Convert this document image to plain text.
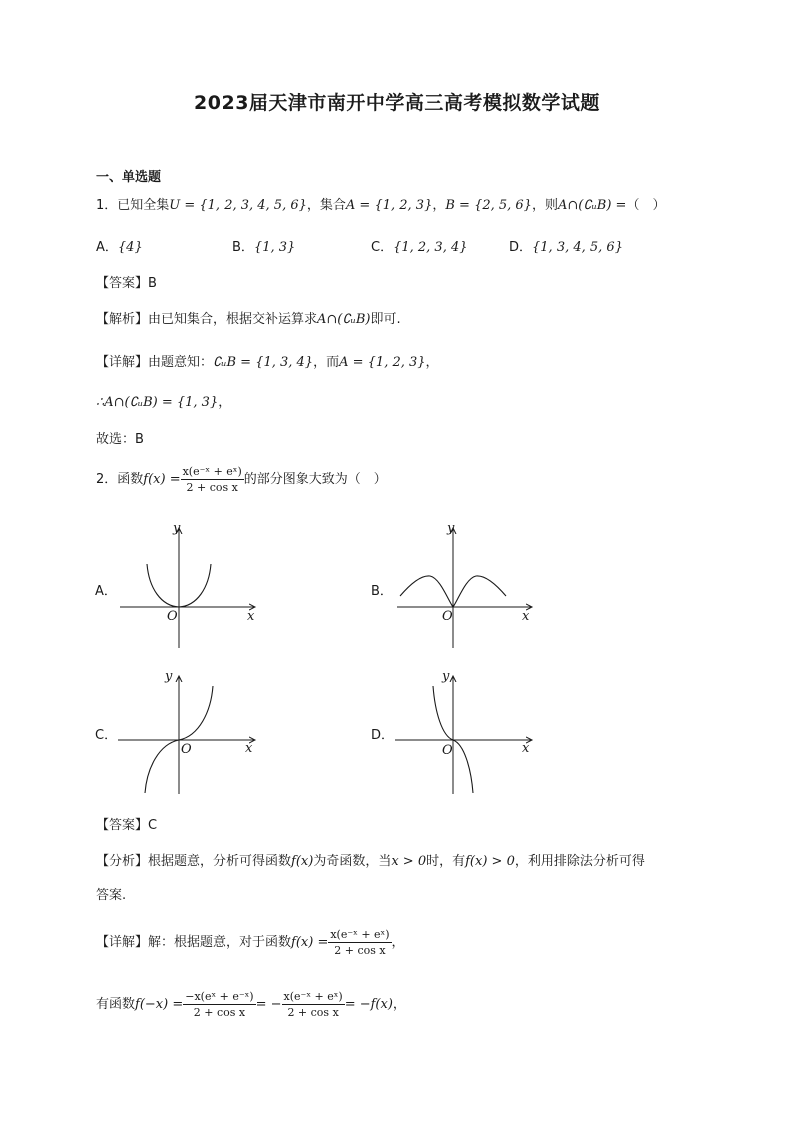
2023届天津市南开中学高三高考模拟数学试题
一、单选题
1．已知全集U = {1, 2, 3, 4, 5, 6}，集合A = {1, 2, 3}，B = {2, 5, 6}，则A∩(∁ᵤB) =（　）
A．{4}	B．{1, 3}	C．{1, 2, 3, 4}	D．{1, 3, 4, 5, 6}
【答案】B
【解析】由已知集合，根据交补运算求A∩(∁ᵤB)即可.
【详解】由题意知：∁ᵤB = {1, 3, 4}，而A = {1, 2, 3}，
∴A∩(∁ᵤB) = {1, 3}，
故选：B
2．函数$f(x) = \frac{\text{x(e⁻ˣ + eˣ)}}{\text{2 + cos x}}$ 的部分图象大致为（　）
A．
y
x
O
B．
y
x
O
C．
y
x
O
D．
y
x
O
【答案】C
【分析】根据题意，分析可得函数f(x)为奇函数，当x > 0时，有f(x) > 0，利用排除法分析可得
答案.
【详解】解：根据题意，对于函数$f(x) = \frac{\text{x(e⁻ˣ + eˣ)}}{\text{2 + cos x}}$ ，
有函数$f(-x) = \frac{\text{−x(eˣ + e⁻ˣ)}}{\text{2 + cos x}}$ = − $\frac{\text{x(e⁻ˣ + eˣ)}}{\text{2 + cos x}} = -f(x)$，
